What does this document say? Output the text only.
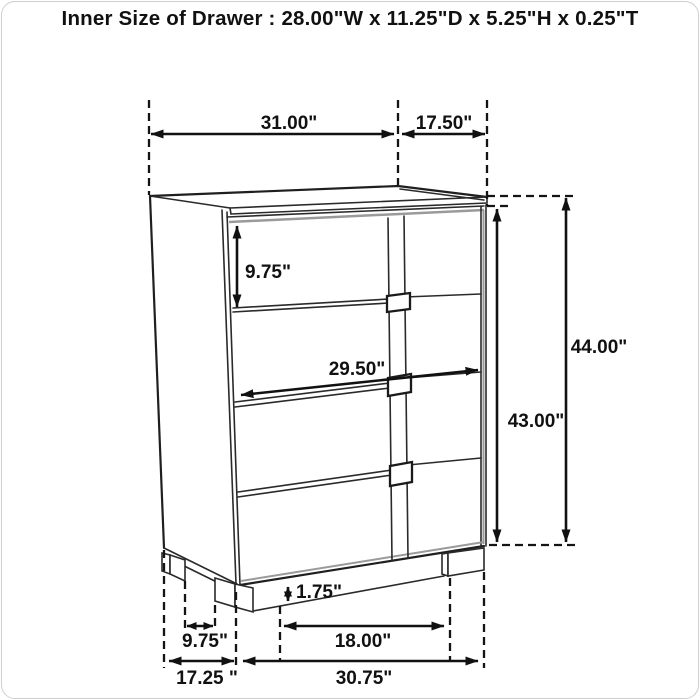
Inner Size of Drawer : 28.00"W x 11.25"D x 5.25"H x 0.25"T
31.00"	17.50"
9.75"
29.50"
44.00"
43.00"
1.75"
9.75"	18.00"
17.25 "	30.75"
